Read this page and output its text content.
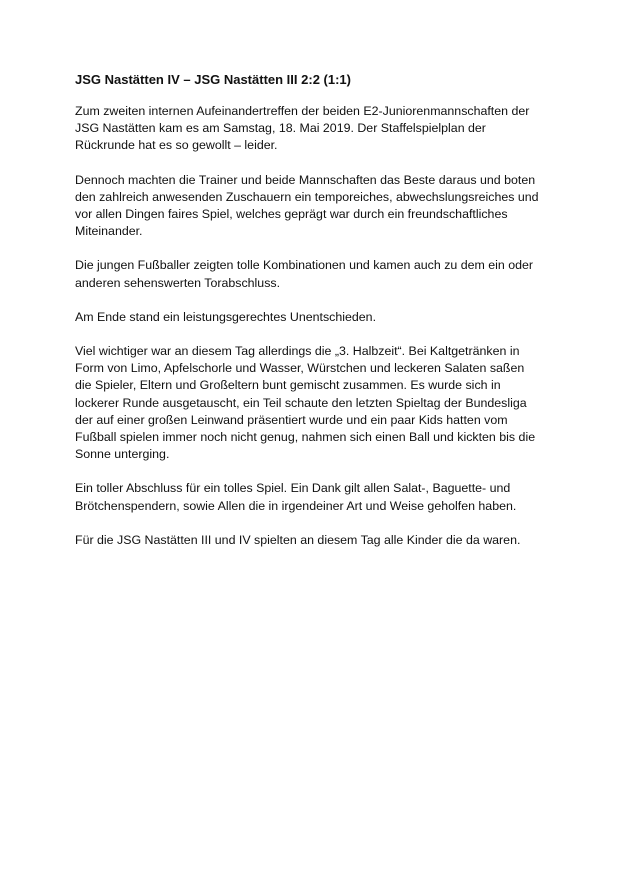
JSG Nastätten IV – JSG Nastätten III 2:2 (1:1)

Zum zweiten internen Aufeinandertreffen der beiden E2-Juniorenmannschaften der
JSG Nastätten kam es am Samstag, 18. Mai 2019. Der Staffelspielplan der
Rückrunde hat es so gewollt – leider.

Dennoch machten die Trainer und beide Mannschaften das Beste daraus und boten
den zahlreich anwesenden Zuschauern ein temporeiches, abwechslungsreiches und
vor allen Dingen faires Spiel, welches geprägt war durch ein freundschaftliches
Miteinander.

Die jungen Fußballer zeigten tolle Kombinationen und kamen auch zu dem ein oder
anderen sehenswerten Torabschluss.

Am Ende stand ein leistungsgerechtes Unentschieden.

Viel wichtiger war an diesem Tag allerdings die „3. Halbzeit“. Bei Kaltgetränken in
Form von Limo, Apfelschorle und Wasser, Würstchen und leckeren Salaten saßen
die Spieler, Eltern und Großeltern bunt gemischt zusammen. Es wurde sich in
lockerer Runde ausgetauscht, ein Teil schaute den letzten Spieltag der Bundesliga
der auf einer großen Leinwand präsentiert wurde und ein paar Kids hatten vom
Fußball spielen immer noch nicht genug, nahmen sich einen Ball und kickten bis die
Sonne unterging.

Ein toller Abschluss für ein tolles Spiel. Ein Dank gilt allen Salat-, Baguette- und
Brötchenspendern, sowie Allen die in irgendeiner Art und Weise geholfen haben.

Für die JSG Nastätten III und IV spielten an diesem Tag alle Kinder die da waren.
